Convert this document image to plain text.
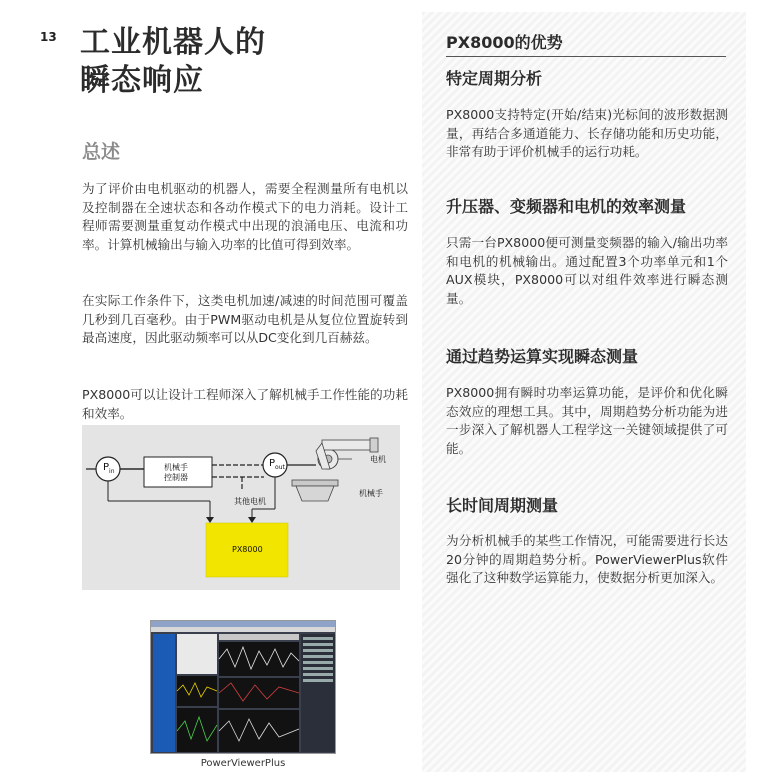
13 工业机器人的
瞬态响应
总述

为了评价由电机驱动的机器人，需要全程测量所有电机以及控制器在全速状态和各动作模式下的电力消耗。设计工程师需要测量重复动作模式中出现的浪涌电压、电流和功率。计算机械输出与输入功率的比值可得到效率。

在实际工作条件下，这类电机加速/减速的时间范围可覆盖几秒到几百毫秒。由于PWM驱动电机是从复位位置旋转到最高速度，因此驱动频率可以从DC变化到几百赫兹。

PX8000可以让设计工程师深入了解机械手工作性能的功耗和效率。

$P_{in}$	机械手
控制器
其他电机
$P_{out}$
电机
机械手
PX8000
PowerViewerPlus
PX8000的优势
特定周期分析

PX8000支持特定(开始/结束)光标间的波形数据测量，再结合多通道能力、长存储功能和历史功能，非常有助于评价机械手的运行功耗。

升压器、变频器和电机的效率测量

只需一台PX8000便可测量变频器的输入/输出功率和电机的机械输出。通过配置3个功率单元和1个AUX模块，PX8000可以对组件效率进行瞬态测量。

通过趋势运算实现瞬态测量

PX8000拥有瞬时功率运算功能，是评价和优化瞬态效应的理想工具。其中，周期趋势分析功能为进一步深入了解机器人工程学这一关键领域提供了可能。

长时间周期测量

为分析机械手的某些工作情况，可能需要进行长达20分钟的周期趋势分析。PowerViewerPlus软件强化了这种数学运算能力，使数据分析更加深入。
